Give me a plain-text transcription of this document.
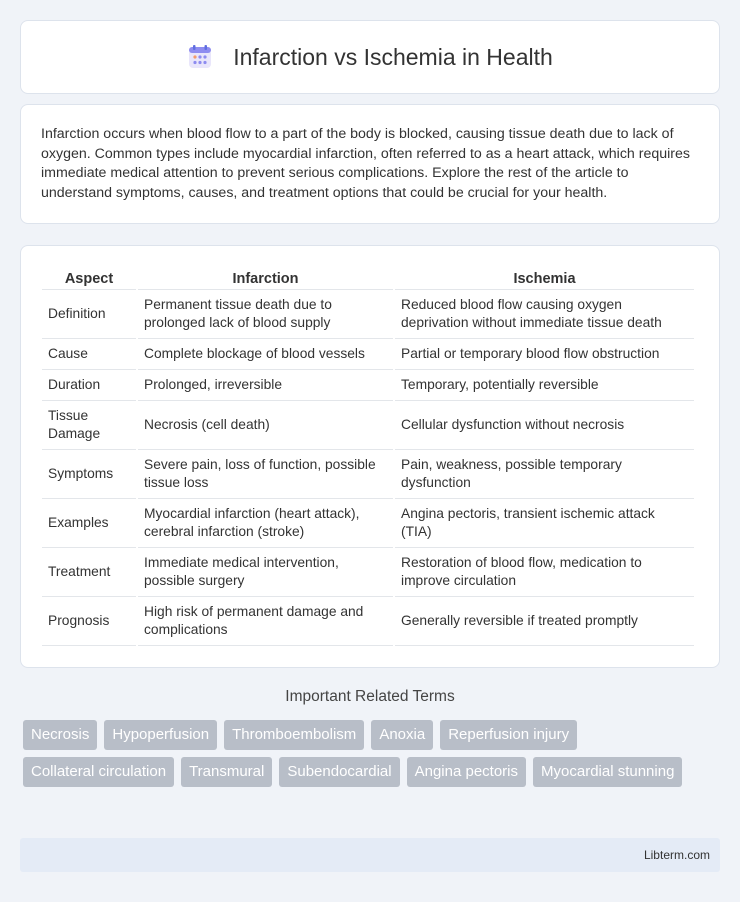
Infarction vs Ischemia in Health

Infarction occurs when blood flow to a part of the body is blocked, causing tissue death due to lack of oxygen. Common types include myocardial infarction, often referred to as a heart attack, which requires immediate medical attention to prevent serious complications. Explore the rest of the article to understand symptoms, causes, and treatment options that could be crucial for your health.

Aspect	Infarction	Ischemia
Definition	Permanent tissue death due to prolonged lack of blood supply	Reduced blood flow causing oxygen deprivation without immediate tissue death
Cause	Complete blockage of blood vessels	Partial or temporary blood flow obstruction
Duration	Prolonged, irreversible	Temporary, potentially reversible
Tissue Damage	Necrosis (cell death)	Cellular dysfunction without necrosis
Symptoms	Severe pain, loss of function, possible tissue loss	Pain, weakness, possible temporary dysfunction
Examples	Myocardial infarction (heart attack), cerebral infarction (stroke)	Angina pectoris, transient ischemic attack (TIA)
Treatment	Immediate medical intervention, possible surgery	Restoration of blood flow, medication to improve circulation
Prognosis	High risk of permanent damage and complications	Generally reversible if treated promptly
Important Related Terms
Necrosis	Hypoperfusion	Thromboembolism	Anoxia	Reperfusion injury
Collateral circulation	Transmural	Subendocardial	Angina pectoris	Myocardial stunning
Libterm.com
